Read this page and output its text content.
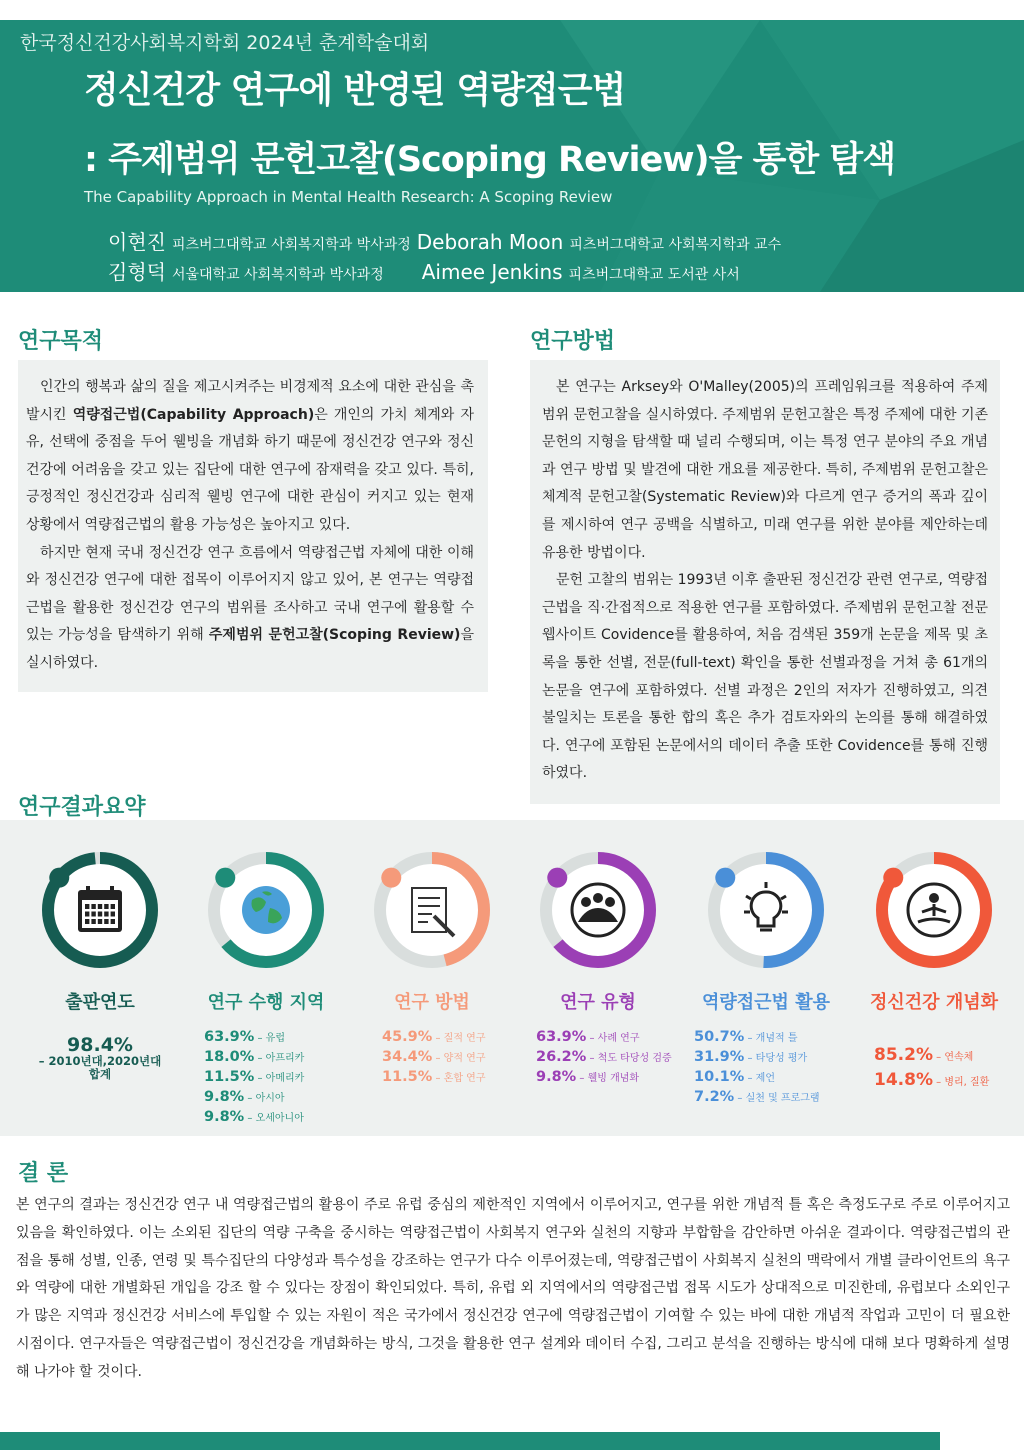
한국정신건강사회복지학회 2024년 춘계학술대회
정신건강 연구에 반영된 역량접근법
: 주제범위 문헌고찰(Scoping Review)을 통한 탐색
The Capability Approach in Mental Health Research: A Scoping Review
이현진 피츠버그대학교 사회복지학과 박사과정 Deborah Moon 피츠버그대학교 사회복지학과 교수
김형덕 서울대학교 사회복지학과 박사과정 Aimee Jenkins 피츠버그대학교 도서관 사서
연구목적

인간의 행복과 삶의 질을 제고시켜주는 비경제적 요소에 대한 관심을 촉발시킨 역량접근법(Capability Approach)은 개인의 가치 체계와 자유, 선택에 중점을 두어 웰빙을 개념화 하기 때문에 정신건강 연구와 정신건강에 어려움을 갖고 있는 집단에 대한 연구에 잠재력을 갖고 있다. 특히, 긍정적인 정신건강과 심리적 웰빙 연구에 대한 관심이 커지고 있는 현재 상황에서 역량접근법의 활용 가능성은 높아지고 있다.

하지만 현재 국내 정신건강 연구 흐름에서 역량접근법 자체에 대한 이해와 정신건강 연구에 대한 접목이 이루어지지 않고 있어, 본 연구는 역량접근법을 활용한 정신건강 연구의 범위를 조사하고 국내 연구에 활용할 수 있는 가능성을 탐색하기 위해 주제범위 문헌고찰(Scoping Review)을 실시하였다.

연구방법

본 연구는 Arksey와 O'Malley(2005)의 프레임워크를 적용하여 주제범위 문헌고찰을 실시하였다. 주제범위 문헌고찰은 특정 주제에 대한 기존 문헌의 지형을 탐색할 때 널리 수행되며, 이는 특정 연구 분야의 주요 개념과 연구 방법 및 발견에 대한 개요를 제공한다. 특히, 주제범위 문헌고찰은 체계적 문헌고찰(Systematic Review)와 다르게 연구 증거의 폭과 깊이를 제시하여 연구 공백을 식별하고, 미래 연구를 위한 분야를 제안하는데 유용한 방법이다.

문헌 고찰의 범위는 1993년 이후 출판된 정신건강 관련 연구로, 역량접근법을 직·간접적으로 적용한 연구를 포함하였다. 주제범위 문헌고찰 전문 웹사이트 Covidence를 활용하여, 처음 검색된 359개 논문을 제목 및 초록을 통한 선별, 전문(full-text) 확인을 통한 선별과정을 거쳐 총 61개의 논문을 연구에 포함하였다. 선별 과정은 2인의 저자가 진행하였고, 의견 불일치는 토론을 통한 합의 혹은 추가 검토자와의 논의를 통해 해결하였다. 연구에 포함된 논문에서의 데이터 추출 또한 Covidence를 통해 진행하였다.

연구결과요약
출판연도
98.4%
– 2010년대,2020년대
합계
연구 수행 지역
63.9% – 유럽
18.0% – 아프리카
11.5% – 아메리카
9.8% – 아시아
9.8% – 오세아니아
연구 방법
45.9% – 질적 연구
34.4% – 양적 연구
11.5% – 혼합 연구
연구 유형
63.9% – 사례 연구
26.2% – 척도 타당성 검증
9.8% – 웰빙 개념화
역량접근법 활용
50.7% – 개념적 틀
31.9% – 타당성 평가
10.1% – 제언
7.2% – 실천 및 프로그램
정신건강 개념화
85.2% – 연속체
14.8% – 병리, 질환
결 론
본 연구의 결과는 정신건강 연구 내 역량접근법의 활용이 주로 유럽 중심의 제한적인 지역에서 이루어지고, 연구를 위한 개념적 틀 혹은 측정도구로 주로 이루어지고 있음을 확인하였다. 이는 소외된 집단의 역량 구축을 중시하는 역량접근법이 사회복지 연구와 실천의 지향과 부합함을 감안하면 아쉬운 결과이다. 역량접근법의 관점을 통해 성별, 인종, 연령 및 특수집단의 다양성과 특수성을 강조하는 연구가 다수 이루어졌는데, 역량접근법이 사회복지 실천의 맥락에서 개별 클라이언트의 욕구와 역량에 대한 개별화된 개입을 강조 할 수 있다는 장점이 확인되었다. 특히, 유럽 외 지역에서의 역량접근법 접목 시도가 상대적으로 미진한데, 유럽보다 소외인구가 많은 지역과 정신건강 서비스에 투입할 수 있는 자원이 적은 국가에서 정신건강 연구에 역량접근법이 기여할 수 있는 바에 대한 개념적 작업과 고민이 더 필요한 시점이다. 연구자들은 역량접근법이 정신건강을 개념화하는 방식, 그것을 활용한 연구 설계와 데이터 수집, 그리고 분석을 진행하는 방식에 대해 보다 명확하게 설명해 나가야 할 것이다.
